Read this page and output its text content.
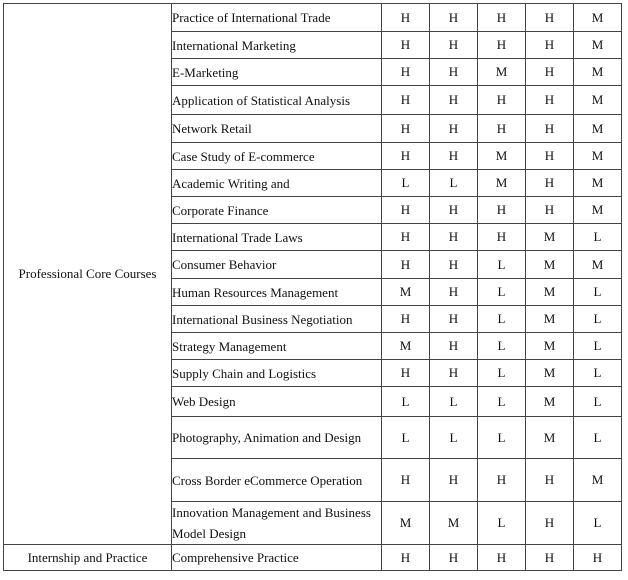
Professional Core Courses	Practice of International Trade	H	H	H	H	M
	International Marketing	H	H	H	H	M
	E-Marketing	H	H	M	H	M
	Application of Statistical Analysis	H	H	H	H	M
	Network Retail	H	H	H	H	M
	Case Study of E-commerce	H	H	M	H	M
	Academic Writing and	L	L	M	H	M
	Corporate Finance	H	H	H	H	M
	International Trade Laws	H	H	H	M	L
	Consumer Behavior	H	H	L	M	M
	Human Resources Management	M	H	L	M	L
	International Business Negotiation	H	H	L	M	L
	Strategy Management	M	H	L	M	L
	Supply Chain and Logistics	H	H	L	M	L
	Web Design	L	L	L	M	L
	Photography, Animation and Design	L	L	L	M	L
	Cross Border eCommerce Operation	H	H	H	H	M
	Innovation Management and Business Model Design	M	M	L	H	L
Internship and Practice	Comprehensive Practice	H	H	H	H	H
